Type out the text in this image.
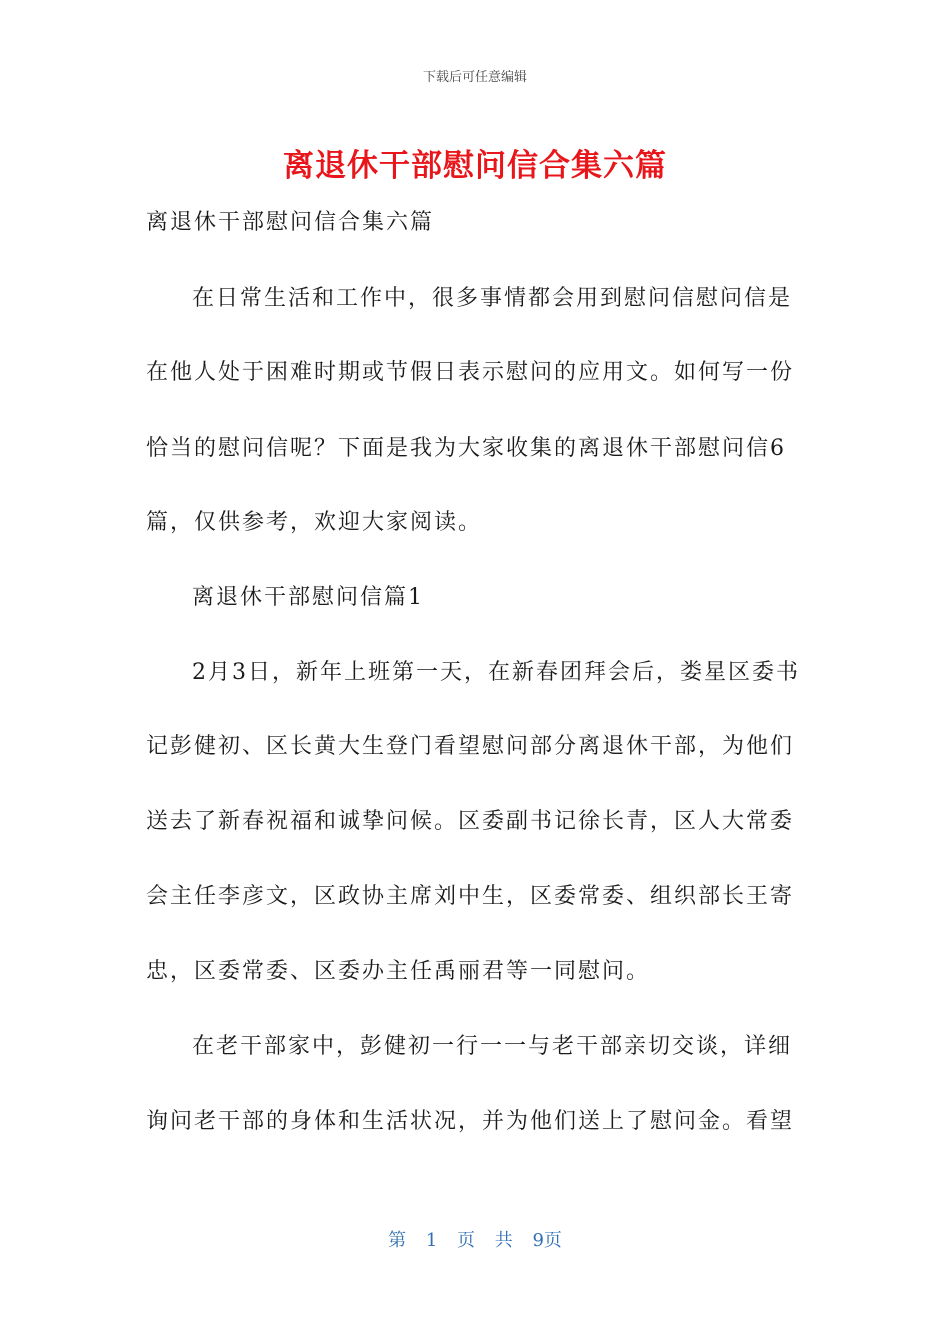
下载后可任意编辑
离退休干部慰问信合集六篇
离退休干部慰问信合集六篇
在日常生活和工作中，很多事情都会用到慰问信慰问信是
在他人处于困难时期或节假日表示慰问的应用文。如何写一份
恰当的慰问信呢？下面是我为大家收集的离退休干部慰问信6
篇，仅供参考，欢迎大家阅读。
离退休干部慰问信篇1
2月3日，新年上班第一天，在新春团拜会后，娄星区委书
记彭健初、区长黄大生登门看望慰问部分离退休干部，为他们
送去了新春祝福和诚挚问候。区委副书记徐长青，区人大常委
会主任李彦文，区政协主席刘中生，区委常委、组织部长王寄
忠，区委常委、区委办主任禹丽君等一同慰问。
在老干部家中，彭健初一行一一与老干部亲切交谈，详细
询问老干部的身体和生活状况，并为他们送上了慰问金。看望
第 1 页 共 9页
